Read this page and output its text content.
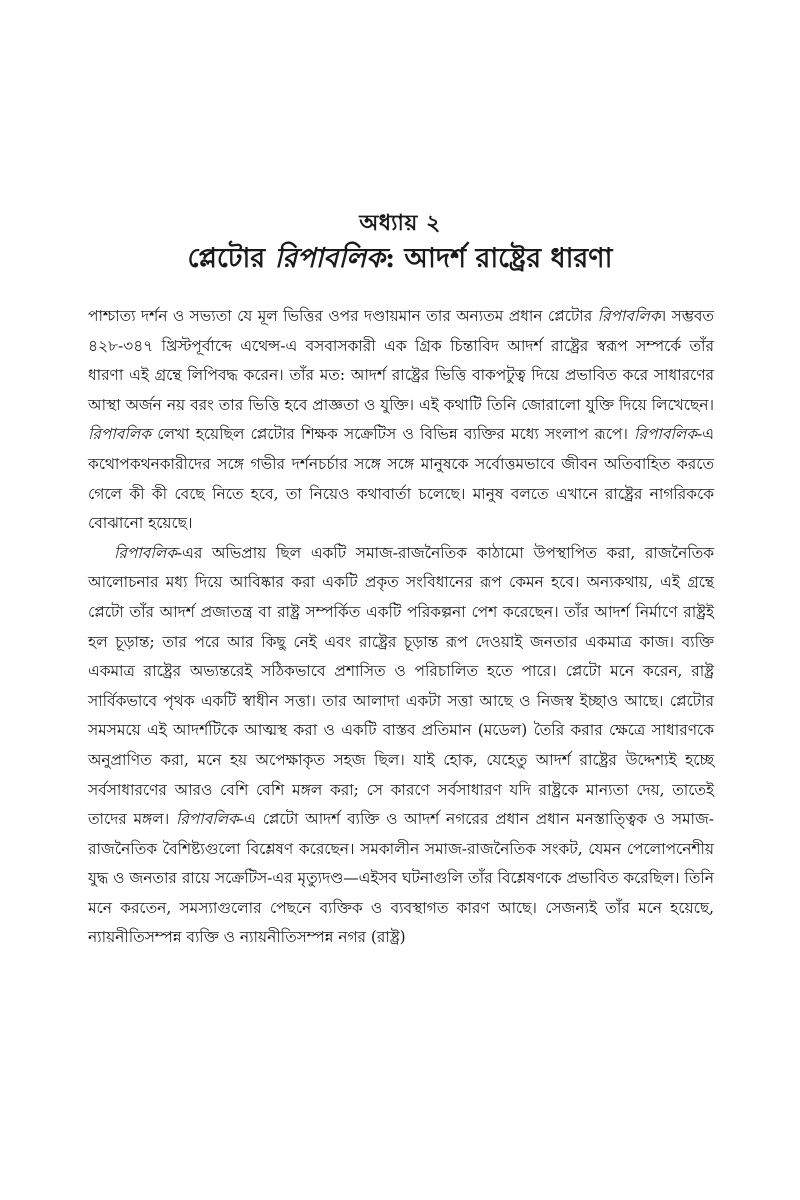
অধ্যায় ২
প্লেটোর রিপাবলিক: আদর্শ রাষ্ট্রের ধারণা

পাশ্চাত্য দর্শন ও সভ্যতা যে মূল ভিত্তির ওপর দণ্ডায়মান তার অন্যতম প্রধান প্লেটোর রিপাবলিক। সম্ভবত ৪২৮-৩৪৭ খ্রিস্টপূর্বাব্দে এথেন্স-এ বসবাসকারী এক গ্রিক চিন্তাবিদ আদর্শ রাষ্ট্রের স্বরূপ সম্পর্কে তাঁর ধারণা এই গ্রন্থে লিপিবদ্ধ করেন। তাঁর মত: আদর্শ রাষ্ট্রের ভিত্তি বাকপটুত্ব দিয়ে প্রভাবিত করে সাধারণের আস্থা অর্জন নয় বরং তার ভিত্তি হবে প্রাজ্ঞতা ও যুক্তি। এই কথাটি তিনি জোরালো যুক্তি দিয়ে লিখেছেন। রিপাবলিক লেখা হয়েছিল প্লেটোর শিক্ষক সক্রেটিস ও বিভিন্ন ব্যক্তির মধ্যে সংলাপ রূপে। রিপাবলিক-এ কথোপকথনকারীদের সঙ্গে গভীর দর্শনচর্চার সঙ্গে সঙ্গে মানুষকে সর্বোত্তমভাবে জীবন অতিবাহিত করতে গেলে কী কী বেছে নিতে হবে, তা নিয়েও কথাবার্তা চলেছে। মানুষ বলতে এখানে রাষ্ট্রের নাগরিককে বোঝানো হয়েছে।

রিপাবলিক-এর অভিপ্রায় ছিল একটি সমাজ-রাজনৈতিক কাঠামো উপস্থাপিত করা, রাজনৈতিক আলোচনার মধ্য দিয়ে আবিষ্কার করা একটি প্রকৃত সংবিধানের রূপ কেমন হবে। অন্যকথায়, এই গ্রন্থে প্লেটো তাঁর আদর্শ প্রজাতন্ত্র বা রাষ্ট্র সম্পর্কিত একটি পরিকল্পনা পেশ করেছেন। তাঁর আদর্শ নির্মাণে রাষ্ট্রই হল চূড়ান্ত; তার পরে আর কিছু নেই এবং রাষ্ট্রের চূড়ান্ত রূপ দেওয়াই জনতার একমাত্র কাজ। ব্যক্তি একমাত্র রাষ্ট্রের অভ্যন্তরেই সঠিকভাবে প্রশাসিত ও পরিচালিত হতে পারে। প্লেটো মনে করেন, রাষ্ট্র সার্বিকভাবে পৃথক একটি স্বাধীন সত্তা। তার আলাদা একটা সত্তা আছে ও নিজস্ব ইচ্ছাও আছে। প্লেটোর সমসময়ে এই আদর্শটিকে আত্মস্থ করা ও একটি বাস্তব প্রতিমান (মডেল) তৈরি করার ক্ষেত্রে সাধারণকে অনুপ্রাণিত করা, মনে হয় অপেক্ষাকৃত সহজ ছিল। যাই হোক, যেহেতু আদর্শ রাষ্ট্রের উদ্দেশ্যই হচ্ছে সর্বসাধারণের আরও বেশি বেশি মঙ্গল করা; সে কারণে সর্বসাধারণ যদি রাষ্ট্রকে মান্যতা দেয়, তাতেই তাদের মঙ্গল। রিপাবলিক-এ প্লেটো আদর্শ ব্যক্তি ও আদর্শ নগরের প্রধান প্রধান মনস্তাত্ত্বিক ও সমাজ-রাজনৈতিক বৈশিষ্ট্যগুলো বিশ্লেষণ করেছেন। সমকালীন সমাজ-রাজনৈতিক সংকট, যেমন পেলোপনেশীয় যুদ্ধ ও জনতার রায়ে সক্রেটিস-এর মৃত্যুদণ্ড—এইসব ঘটনাগুলি তাঁর বিশ্লেষণকে প্রভাবিত করেছিল। তিনি মনে করতেন, সমস্যাগুলোর পেছনে ব্যক্তিক ও ব্যবস্থাগত কারণ আছে। সেজন্যই তাঁর মনে হয়েছে, ন্যায়নীতিসম্পন্ন ব্যক্তি ও ন্যায়নীতিসম্পন্ন নগর (রাষ্ট্র)
